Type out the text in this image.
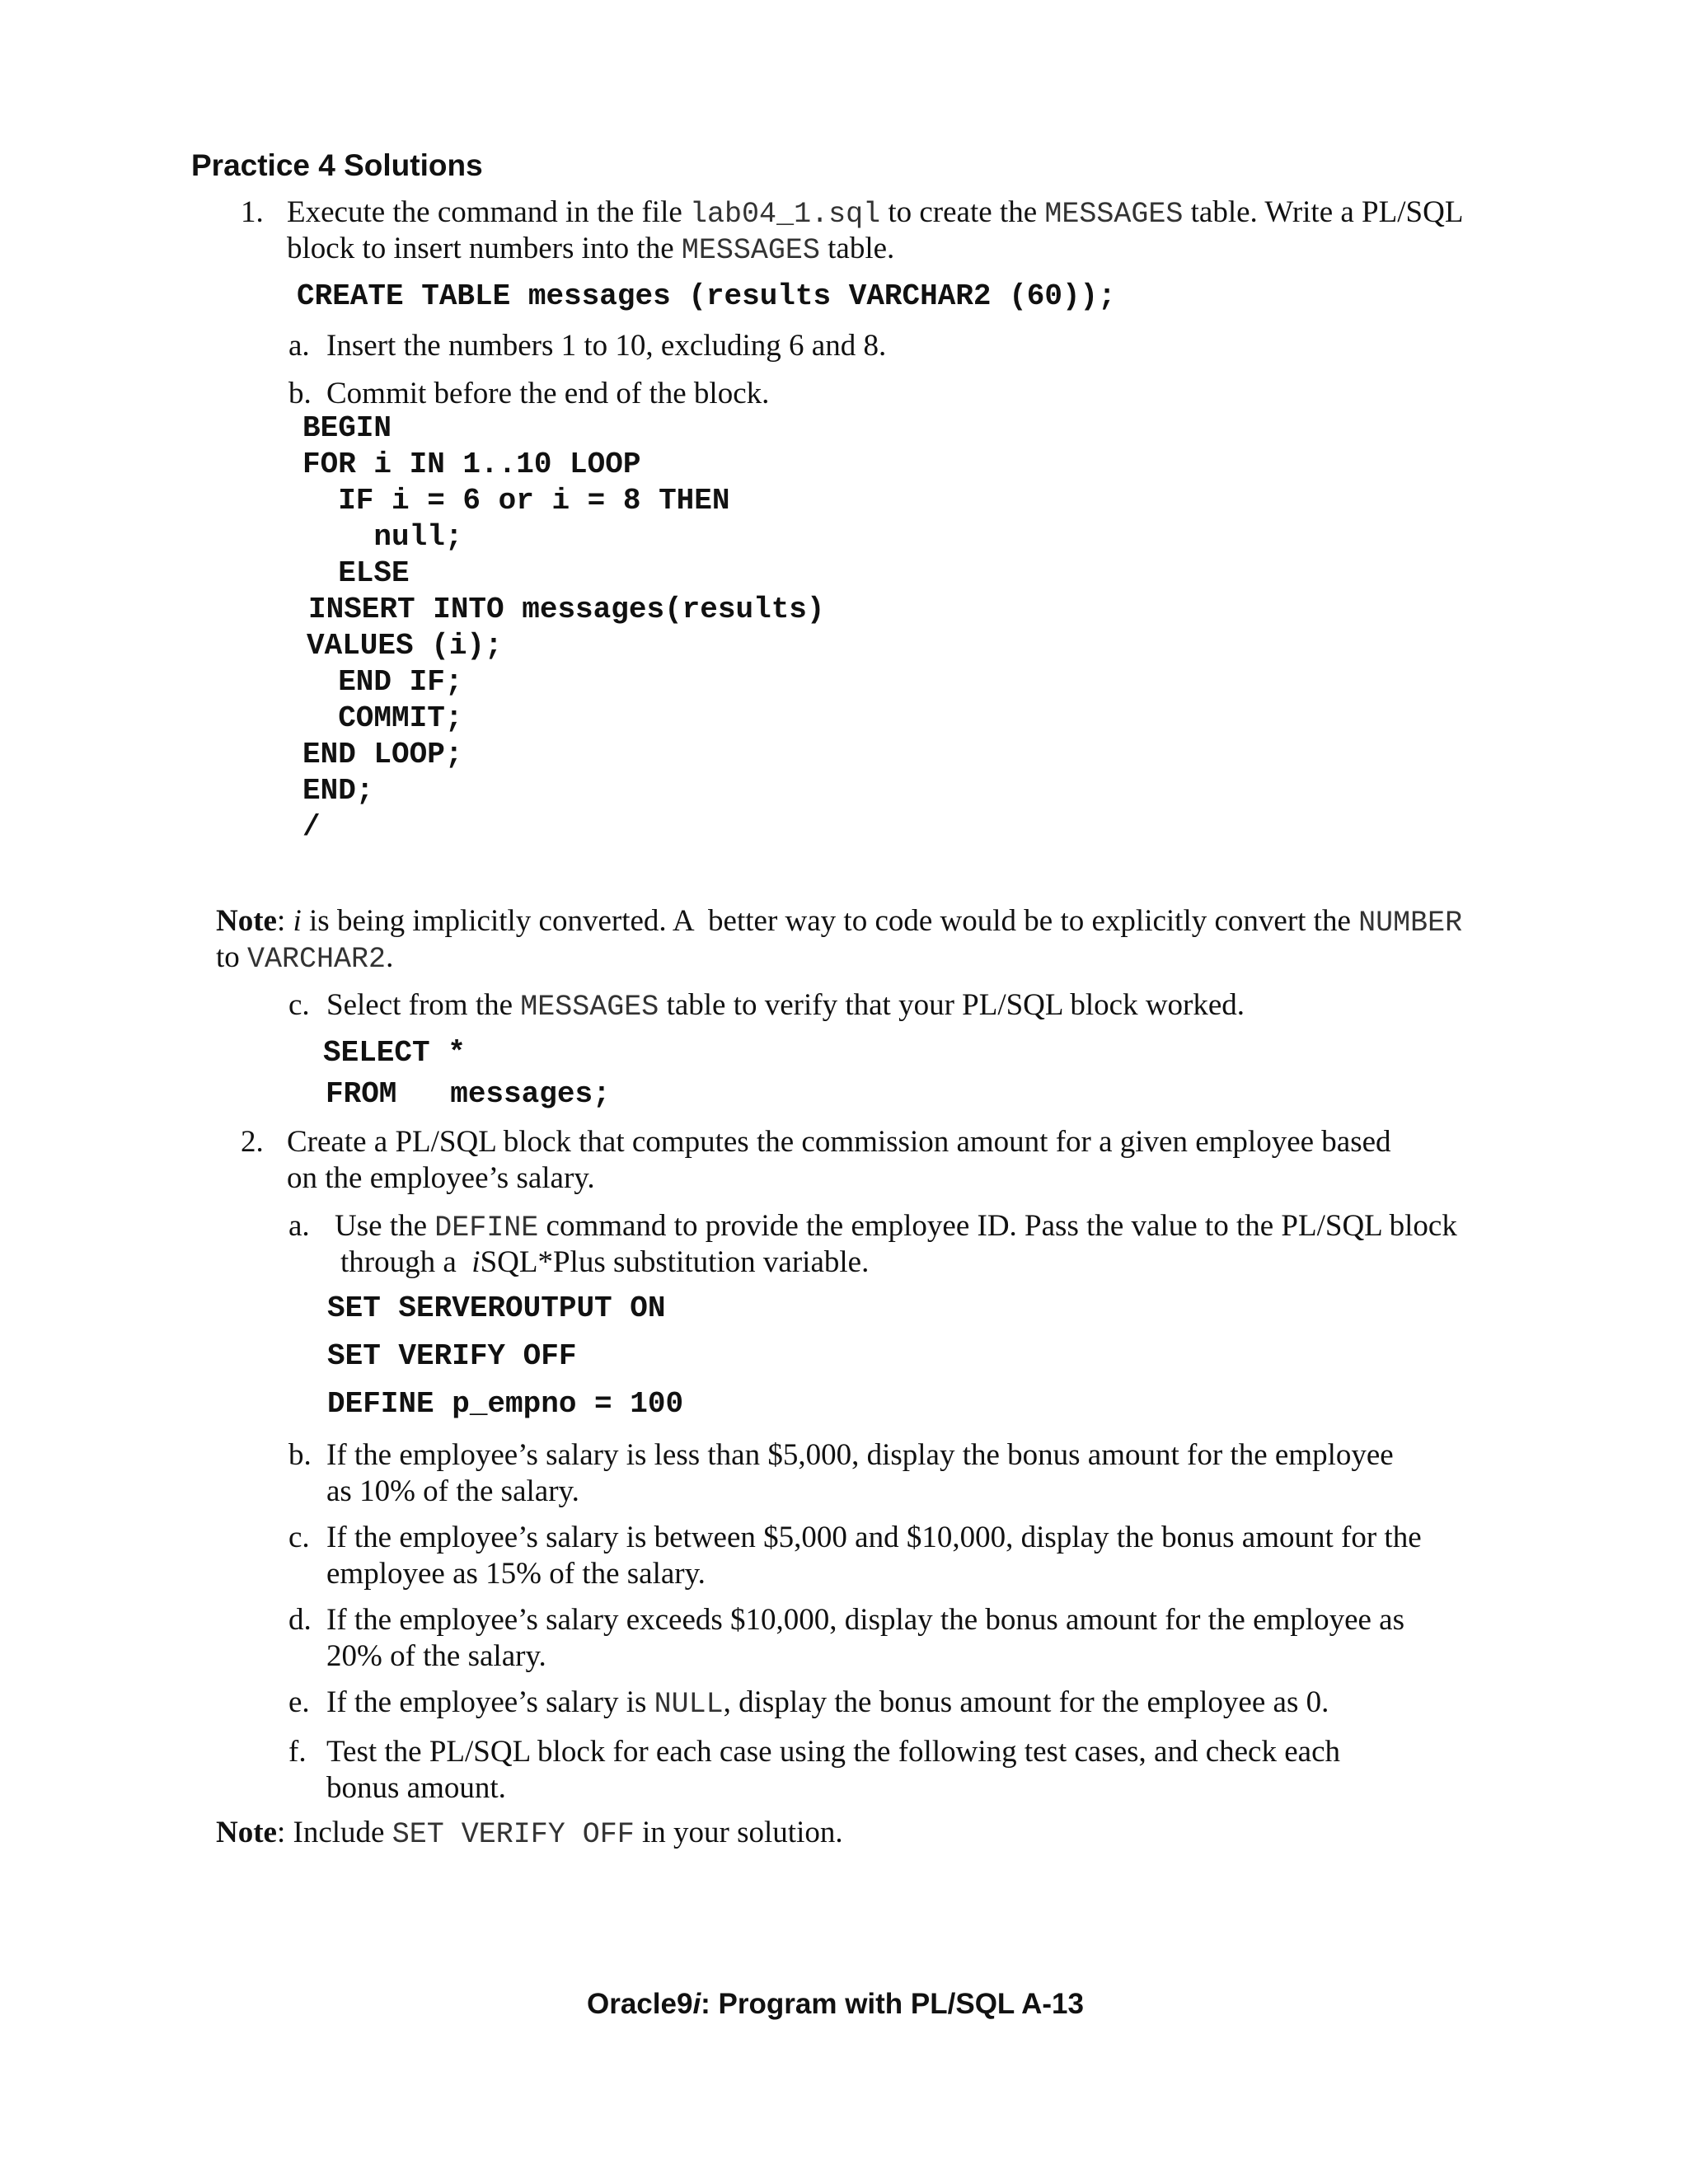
Practice 4 Solutions
1. Execute the command in the file lab04_1.sql to create the MESSAGES table. Write a PL/SQL
block to insert numbers into the MESSAGES table.
CREATE TABLE messages (results VARCHAR2 (60));
a. Insert the numbers 1 to 10, excluding 6 and 8.
b. Commit before the end of the block.
BEGIN
FOR i IN 1..10 LOOP
IF i = 6 or i = 8 THEN
null;
ELSE
INSERT INTO messages(results)
VALUES (i);
END IF;
COMMIT;
END LOOP;
END;
/
Note: i is being implicitly converted. A  better way to code would be to explicitly convert the NUMBER
to VARCHAR2.
c. Select from the MESSAGES table to verify that your PL/SQL block worked.
SELECT *
FROM   messages;
2. Create a PL/SQL block that computes the commission amount for a given employee based
on the employee’s salary.
a. Use the DEFINE command to provide the employee ID. Pass the value to the PL/SQL block
through a  iSQL*Plus substitution variable.
SET SERVEROUTPUT ON
SET VERIFY OFF
DEFINE p_empno = 100
b. If the employee’s salary is less than $5,000, display the bonus amount for the employee
as 10% of the salary.
c. If the employee’s salary is between $5,000 and $10,000, display the bonus amount for the
employee as 15% of the salary.
d. If the employee’s salary exceeds $10,000, display the bonus amount for the employee as
20% of the salary.
e. If the employee’s salary is NULL, display the bonus amount for the employee as 0.
f. Test the PL/SQL block for each case using the following test cases, and check each
bonus amount.
Note: Include SET VERIFY OFF in your solution.
Oracle9i: Program with PL/SQL A-13
